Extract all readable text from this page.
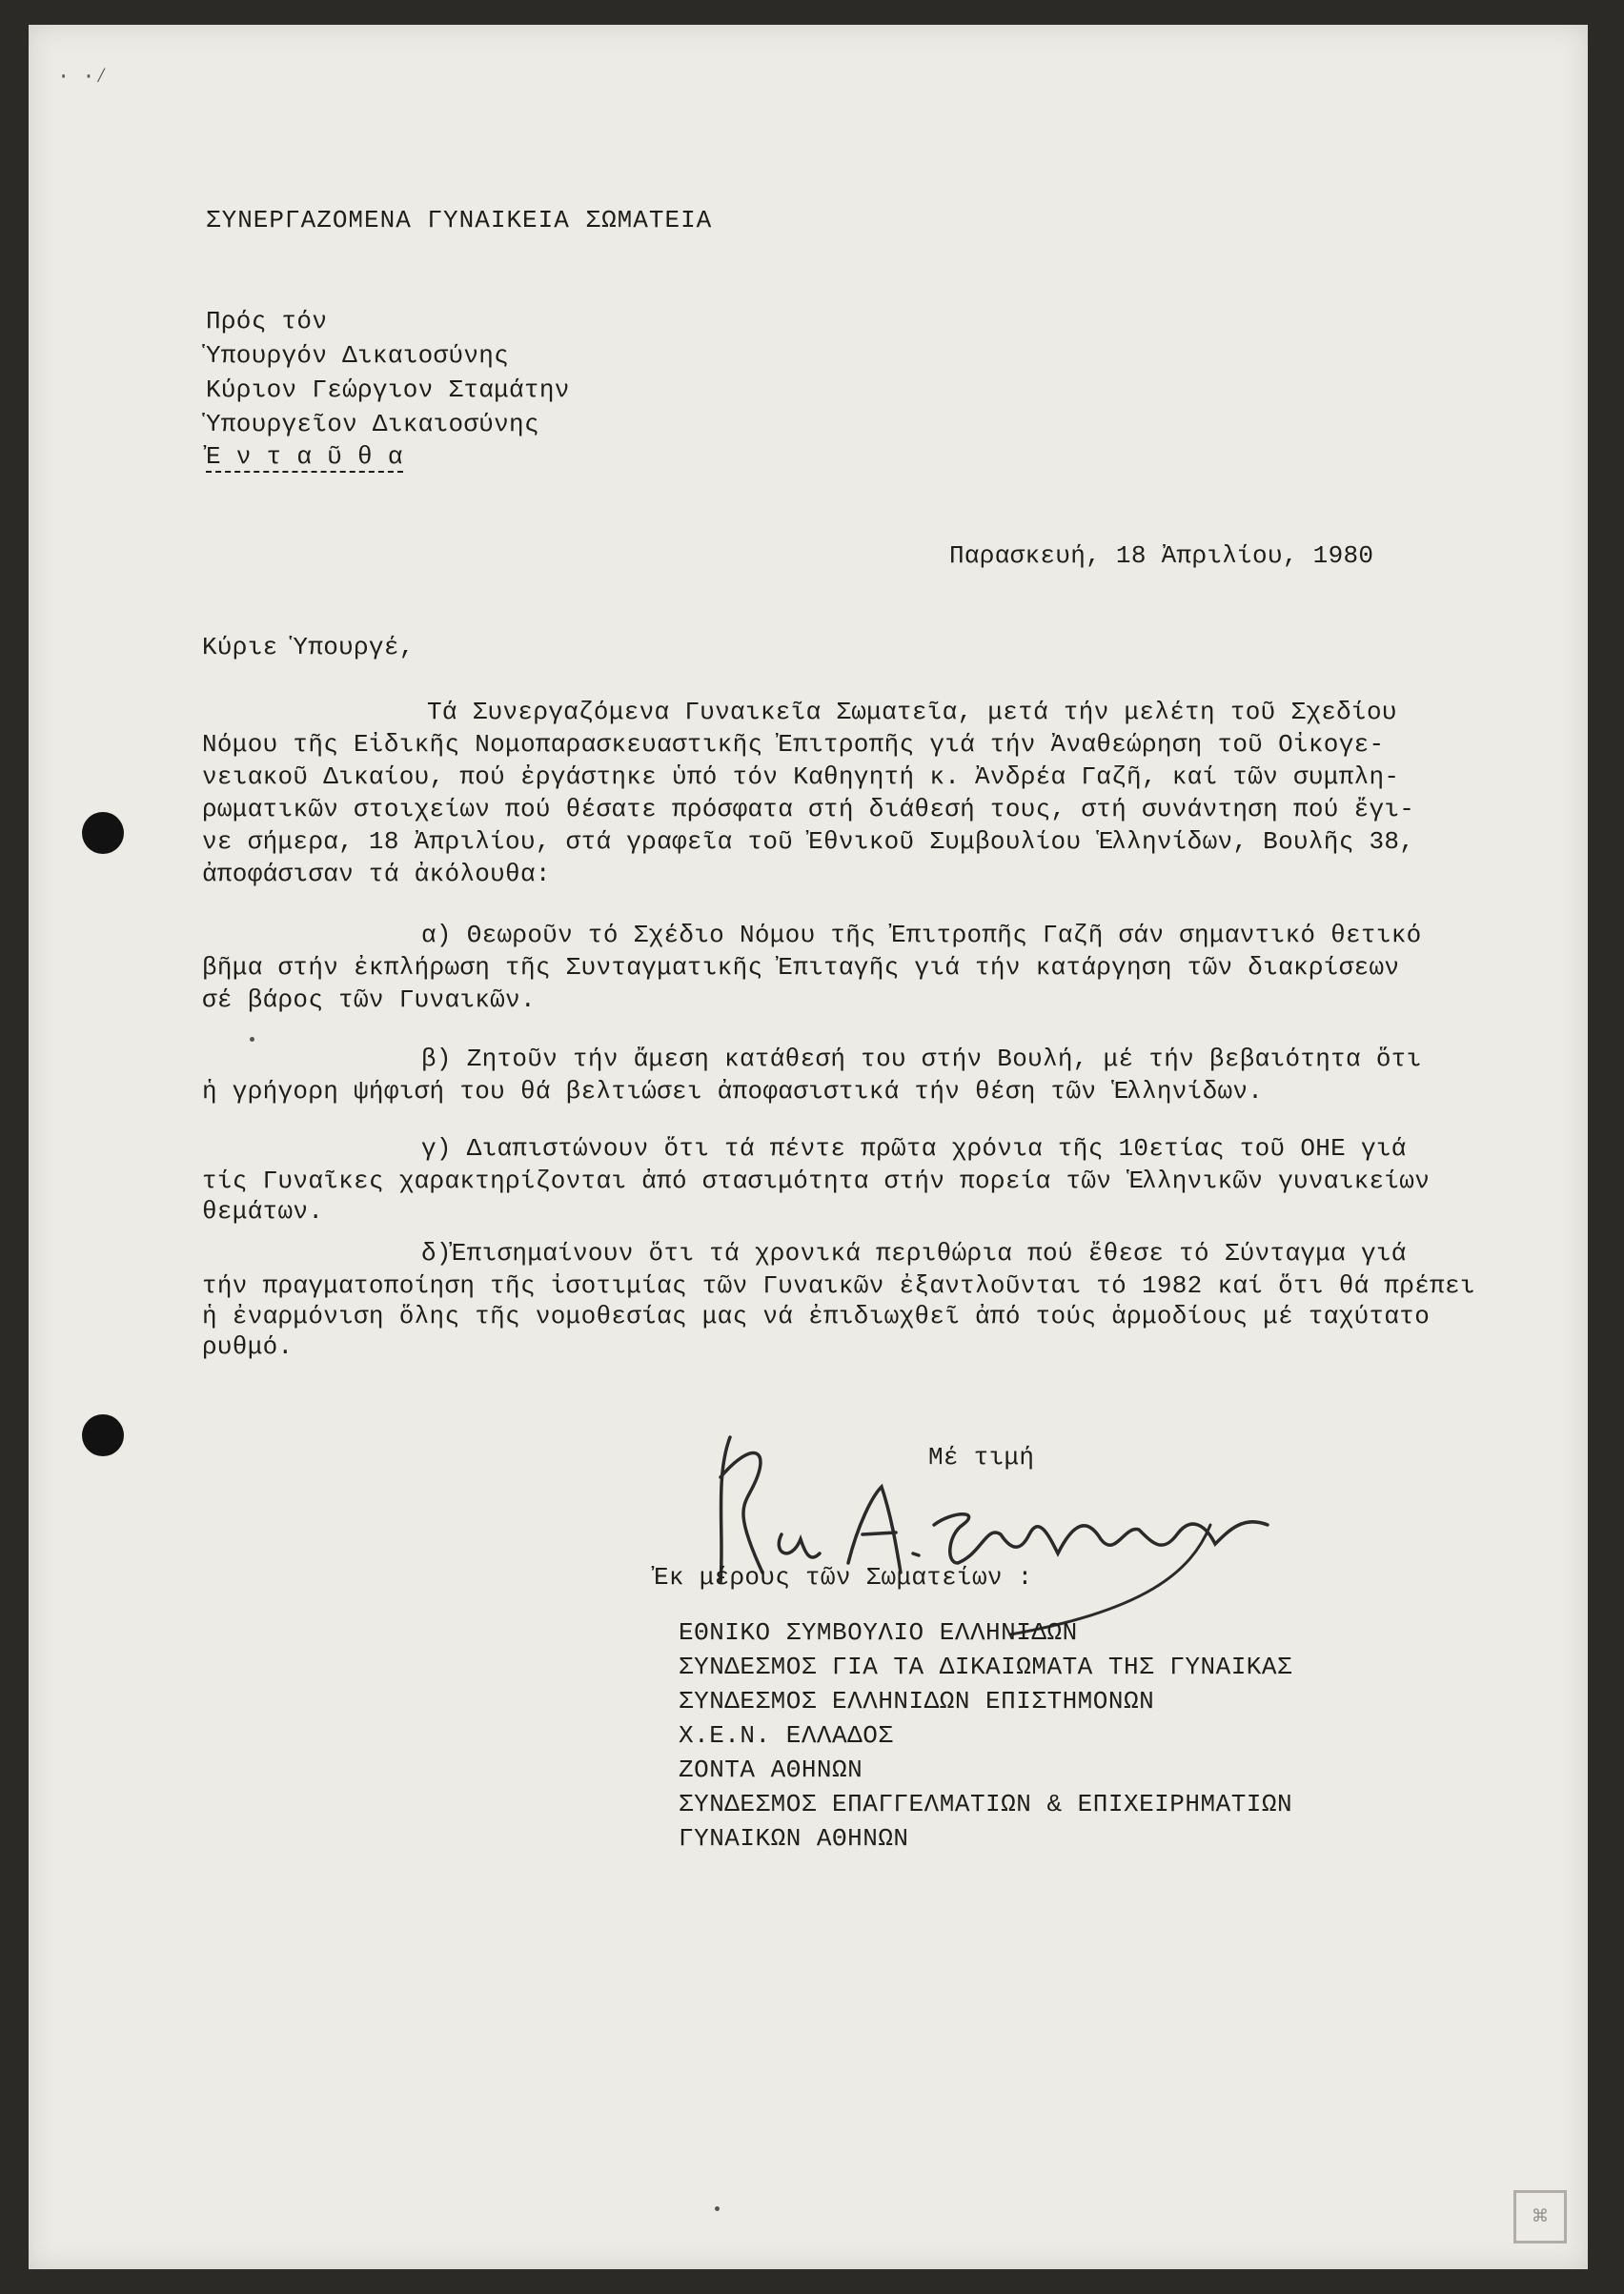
· ·⁄
ΣΥΝΕΡΓΑΖΟΜΕΝΑ ΓΥΝΑΙΚΕΙΑ ΣΩΜΑΤΕΙΑ
Πρός τόν
Ὑπουργόν Δικαιοσύνης
Κύριον Γεώργιον Σταμάτην
Ὑπουργεῖον Δικαιοσύνης
Ἐ ν τ α ῦ θ α
Παρασκευή, 18 Ἀπριλίου, 1980
Κύριε Ὑπουργέ,
Τά Συνεργαζόμενα Γυναικεῖα Σωματεῖα, μετά τήν μελέτη τοῦ Σχεδίου
Νόμου τῆς Εἰδικῆς Νομοπαρασκευαστικῆς Ἐπιτροπῆς γιά τήν Ἀναθεώρηση τοῦ Οἰκογε-
νειακοῦ Δικαίου, πού ἐργάστηκε ὑπό τόν Καθηγητή κ. Ἀνδρέα Γαζῆ, καί τῶν συμπλη-
ρωματικῶν στοιχείων πού θέσατε πρόσφατα στή διάθεσή τους, στή συνάντηση πού ἔγι-
νε σήμερα, 18 Ἀπριλίου, στά γραφεῖα τοῦ Ἐθνικοῦ Συμβουλίου Ἑλληνίδων, Βουλῆς 38,
ἀποφάσισαν τά ἀκόλουθα:
α) Θεωροῦν τό Σχέδιο Νόμου τῆς Ἐπιτροπῆς Γαζῆ σάν σημαντικό θετικό
βῆμα στήν ἐκπλήρωση τῆς Συνταγματικῆς Ἐπιταγῆς γιά τήν κατάργηση τῶν διακρίσεων
σέ βάρος τῶν Γυναικῶν.
β) Ζητοῦν τήν ἄμεση κατάθεσή του στήν Βουλή, μέ τήν βεβαιότητα ὅτι
ἡ γρήγορη ψήφισή του θά βελτιώσει ἀποφασιστικά τήν θέση τῶν Ἑλληνίδων.
γ) Διαπιστώνουν ὅτι τά πέντε πρῶτα χρόνια τῆς 10ετίας τοῦ ΟΗΕ γιά
τίς Γυναῖκες χαρακτηρίζονται ἀπό στασιμότητα στήν πορεία τῶν Ἑλληνικῶν γυναικείων
θεμάτων.
δ)Ἐπισημαίνουν ὅτι τά χρονικά περιθώρια πού ἔθεσε τό Σύνταγμα γιά
τήν πραγματοποίηση τῆς ἰσοτιμίας τῶν Γυναικῶν ἐξαντλοῦνται τό 1982 καί ὅτι θά πρέπει
ἡ ἐναρμόνιση ὅλης τῆς νομοθεσίας μας νά ἐπιδιωχθεῖ ἀπό τούς ἁρμοδίους μέ ταχύτατο
ρυθμό.
Μέ τιμή
Ἐκ μέρους τῶν Σωματείων :
ΕΘΝΙΚΟ ΣΥΜΒΟΥΛΙΟ ΕΛΛΗΝΙΔΩΝ
ΣΥΝΔΕΣΜΟΣ ΓΙΑ ΤΑ ΔΙΚΑΙΩΜΑΤΑ ΤΗΣ ΓΥΝΑΙΚΑΣ
ΣΥΝΔΕΣΜΟΣ ΕΛΛΗΝΙΔΩΝ ΕΠΙΣΤΗΜΟΝΩΝ
Χ.Ε.Ν. ΕΛΛΑΔΟΣ
ΖΟΝΤΑ ΑΘΗΝΩΝ
ΣΥΝΔΕΣΜΟΣ ΕΠΑΓΓΕΛΜΑΤΙΩΝ & ΕΠΙΧΕΙΡΗΜΑΤΙΩΝ
ΓΥΝΑΙΚΩΝ ΑΘΗΝΩΝ
⌘
